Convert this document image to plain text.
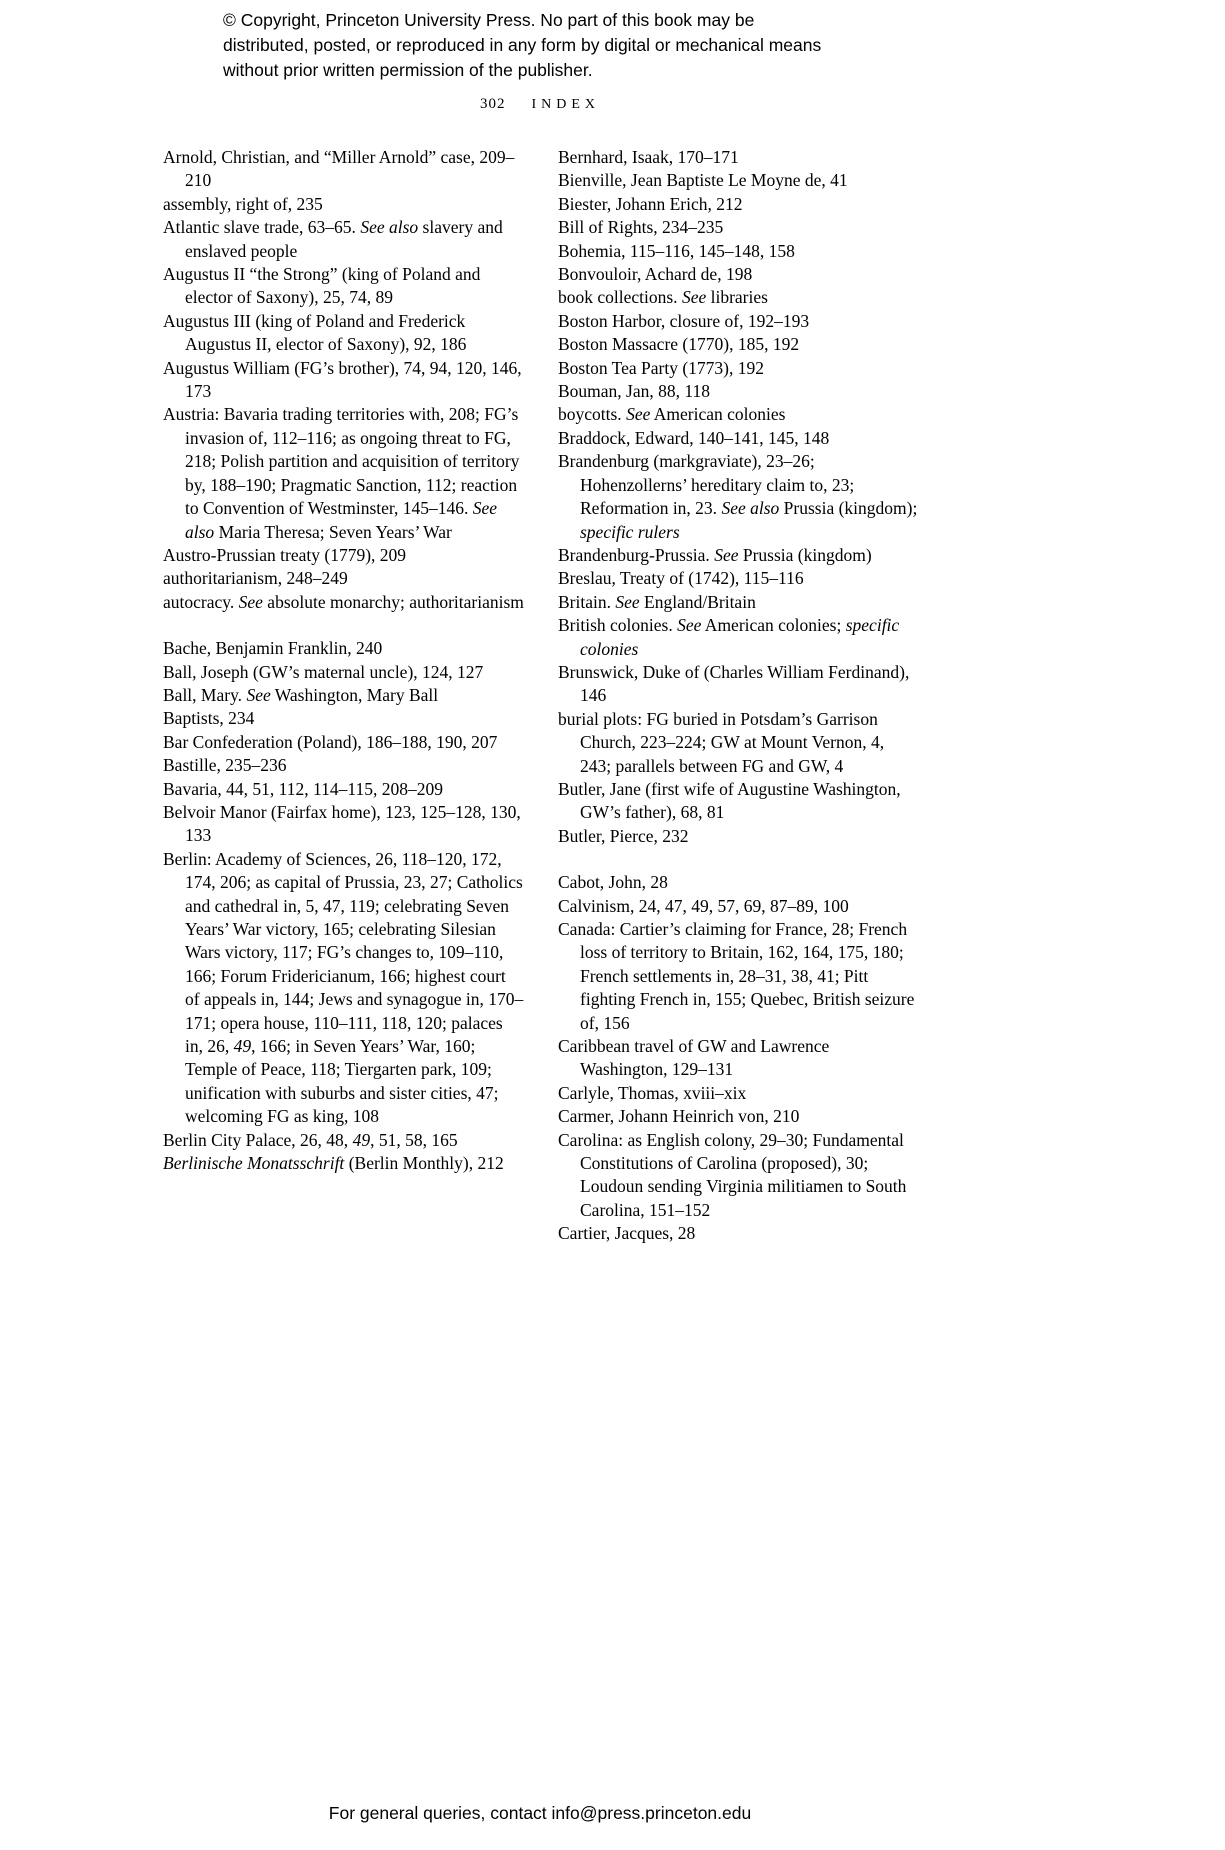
© Copyright, Princeton University Press. No part of this book may be distributed, posted, or reproduced in any form by digital or mechanical means without prior written permission of the publisher.
302 INDEX
Arnold, Christian, and “Miller Arnold” case, 209–210
assembly, right of, 235
Atlantic slave trade, 63–65. See also slavery and enslaved people
Augustus II “the Strong” (king of Poland and elector of Saxony), 25, 74, 89
Augustus III (king of Poland and Frederick Augustus II, elector of Saxony), 92, 186
Augustus William (FG’s brother), 74, 94, 120, 146, 173
Austria: Bavaria trading territories with, 208; FG’s invasion of, 112–116; as ongoing threat to FG, 218; Polish partition and acquisition of territory by, 188–190; Pragmatic Sanction, 112; reaction to Convention of Westminster, 145–146. See also Maria Theresa; Seven Years’ War
Austro-Prussian treaty (1779), 209
authoritarianism, 248–249
autocracy. See absolute monarchy; authoritarianism
Bache, Benjamin Franklin, 240
Ball, Joseph (GW’s maternal uncle), 124, 127
Ball, Mary. See Washington, Mary Ball
Baptists, 234
Bar Confederation (Poland), 186–188, 190, 207
Bastille, 235–236
Bavaria, 44, 51, 112, 114–115, 208–209
Belvoir Manor (Fairfax home), 123, 125–128, 130, 133
Berlin: Academy of Sciences, 26, 118–120, 172, 174, 206; as capital of Prussia, 23, 27; Catholics and cathedral in, 5, 47, 119; celebrating Seven Years’ War victory, 165; celebrating Silesian Wars victory, 117; FG’s changes to, 109–110, 166; Forum Fridericianum, 166; highest court of appeals in, 144; Jews and synagogue in, 170–171; opera house, 110–111, 118, 120; palaces in, 26, 49, 166; in Seven Years’ War, 160; Temple of Peace, 118; Tiergarten park, 109; unification with suburbs and sister cities, 47; welcoming FG as king, 108
Berlin City Palace, 26, 48, 49, 51, 58, 165
Berlinische Monatsschrift (Berlin Monthly), 212
Bernhard, Isaak, 170–171
Bienville, Jean Baptiste Le Moyne de, 41
Biester, Johann Erich, 212
Bill of Rights, 234–235
Bohemia, 115–116, 145–148, 158
Bonvouloir, Achard de, 198
book collections. See libraries
Boston Harbor, closure of, 192–193
Boston Massacre (1770), 185, 192
Boston Tea Party (1773), 192
Bouman, Jan, 88, 118
boycotts. See American colonies
Braddock, Edward, 140–141, 145, 148
Brandenburg (markgraviate), 23–26; Hohenzollerns’ hereditary claim to, 23; Reformation in, 23. See also Prussia (kingdom); specific rulers
Brandenburg-Prussia. See Prussia (kingdom)
Breslau, Treaty of (1742), 115–116
Britain. See England/Britain
British colonies. See American colonies; specific colonies
Brunswick, Duke of (Charles William Ferdinand), 146
burial plots: FG buried in Potsdam’s Garrison Church, 223–224; GW at Mount Vernon, 4, 243; parallels between FG and GW, 4
Butler, Jane (first wife of Augustine Washington, GW’s father), 68, 81
Butler, Pierce, 232
Cabot, John, 28
Calvinism, 24, 47, 49, 57, 69, 87–89, 100
Canada: Cartier’s claiming for France, 28; French loss of territory to Britain, 162, 164, 175, 180; French settlements in, 28–31, 38, 41; Pitt fighting French in, 155; Quebec, British seizure of, 156
Caribbean travel of GW and Lawrence Washington, 129–131
Carlyle, Thomas, xviii–xix
Carmer, Johann Heinrich von, 210
Carolina: as English colony, 29–30; Fundamental Constitutions of Carolina (proposed), 30; Loudoun sending Virginia militiamen to South Carolina, 151–152
Cartier, Jacques, 28
For general queries, contact info@press.princeton.edu
